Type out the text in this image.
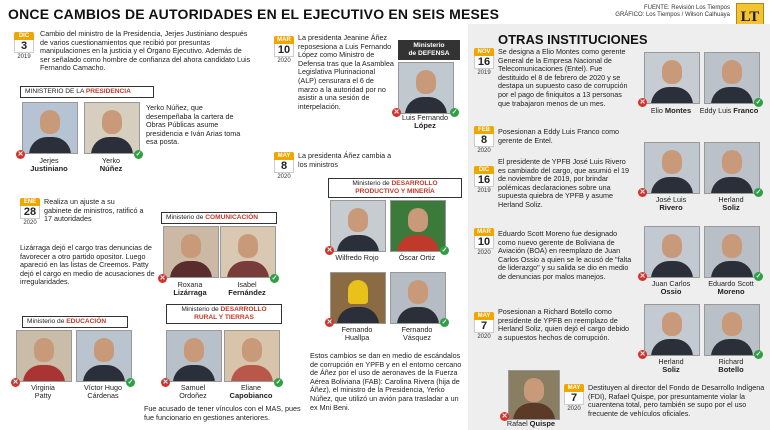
ONCE CAMBIOS DE AUTORIDADES EN EL EJECUTIVO EN SEIS MESES	FUENTE: Revisión Los Tiempos
GRÁFICO: Los Tiempos / Wilson Calhuaya LT
OTRAS INSTITUCIONES
DIC
3
2019
Cambio del ministro de la Presidencia, Jerjes Justiniano después de varios cuestionamientos que recibió por presuntas manipulaciones en la justicia y el Órgano Ejecutivo. Además de ser señalado como hombre de confianza del ahora candidato Luis Fernando Camacho.
MINISTERIO DE LA PRESIDENCIA
✕
Jerjes
Justiniano
✓
Yerko
Núñez
Yerko Núñez, que desempeñaba la cartera de Obras Públicas asume presidencia e Iván Arias toma esa posta.
ENE
28
2020
Realiza un ajuste a su gabinete de ministros, ratificó a 17 autoridades
Lizárraga dejó el cargo tras denuncias de favorecer a otro partido opositor. Luego apareció en las listas de Creemos. Patty dejó el cargo en medio de acusaciones de irregularidades.
Ministerio de COMUNICACIÓN
✕
Roxana
Lizárraga
✓
Isabel
Fernández
Ministerio de EDUCACIÓN
✕
Virginia
Patty
✓
Víctor Hugo
Cárdenas
Ministerio de DESARROLLO RURAL Y TIERRAS
✕
Samuel
Ordoñez
✓
Eliane
Capobianco
Fue acusado de tener vínculos con el MAS, pues fue funcionario en gestiones anteriores.
MAR
10
2020
La presidenta Jeanine Áñez reposesiona a Luis Fernando López como Ministro de Defensa tras que la Asamblea Legislativa Plurinacional (ALP) censurara el 6 de marzo a la autoridad por no asistir a una sesión de interpelación.
Ministerio
de DEFENSA
✕	✓
Luis Fernando
López
MAY
8
2020
La presidenta Áñez cambia a los ministros
Ministerio de DESARROLLO PRODUCTIVO Y MINERÍA
✕
Wilfredo Rojo
✓
Óscar Ortiz
✕
Fernando
Huallpa
✓
Fernando
Vásquez
Estos cambios se dan en medio de escándalos de corrupción en YPFB y en el entorno cercano de Áñez por el uso de aeronaves de la Fuerza Aérea Boliviana (FAB): Carolina Rivera (hija de Áñez), el ministro de la Presidencia, Yerko Núñez, que utilizó un avión para trasladar a un ex Mni Beni.
NOV
16
2019
Se designa a Elio Montes como gerente General de la Empresa Nacional de Telecomunicaciones (Entel). Fue destituido el 8 de febrero de 2020 y se destapa un supuesto caso de corrupción por el pago de finiquitos a 13 personas que trabajaron menos de un mes.	✕
Elio Montes
✓
Eddy Luis Franco
FEB
8
2020
Posesionan a Eddy Luis Franco como gerente de Entel.
DIC
16
2019
El presidente de YPFB José Luis Rivero es cambiado del cargo, que asumió el 19 de noviembre de 2019, por brindar polémicas declaraciones sobre una supuesta quiebra de YPFB y asume Herland Soliz.
✕
José Luis
Rivero
✓
Herland
Soliz
MAR
10
2020
Eduardo Scott Moreno fue designado como nuevo gerente de Boliviana de Aviación (BOA) en reemplazo de Juan Carlos Ossio a quien se le acusó de "falta de liderazgo" y su salida se dio en medio de denuncias por malos manejos.	✕
Juan Carlos
Ossio
✓
Eduardo Scott
Moreno
MAY
7
2020
Posesionan a Richard Botello como presidente de YPFB en reemplazo de Herland Soliz, quien dejó el cargo debido a supuestos hechos de corrupción.
✕
Herland
Soliz
✓
Richard
Botello
✕
Rafael Quispe
MAY
7
2020
Destituyen al director del Fondo de Desarrollo Indígena (FDI), Rafael Quispe, por presuntamente violar la cuarentena total, pero también se supo por el uso frecuente de vehículos oficiales.
